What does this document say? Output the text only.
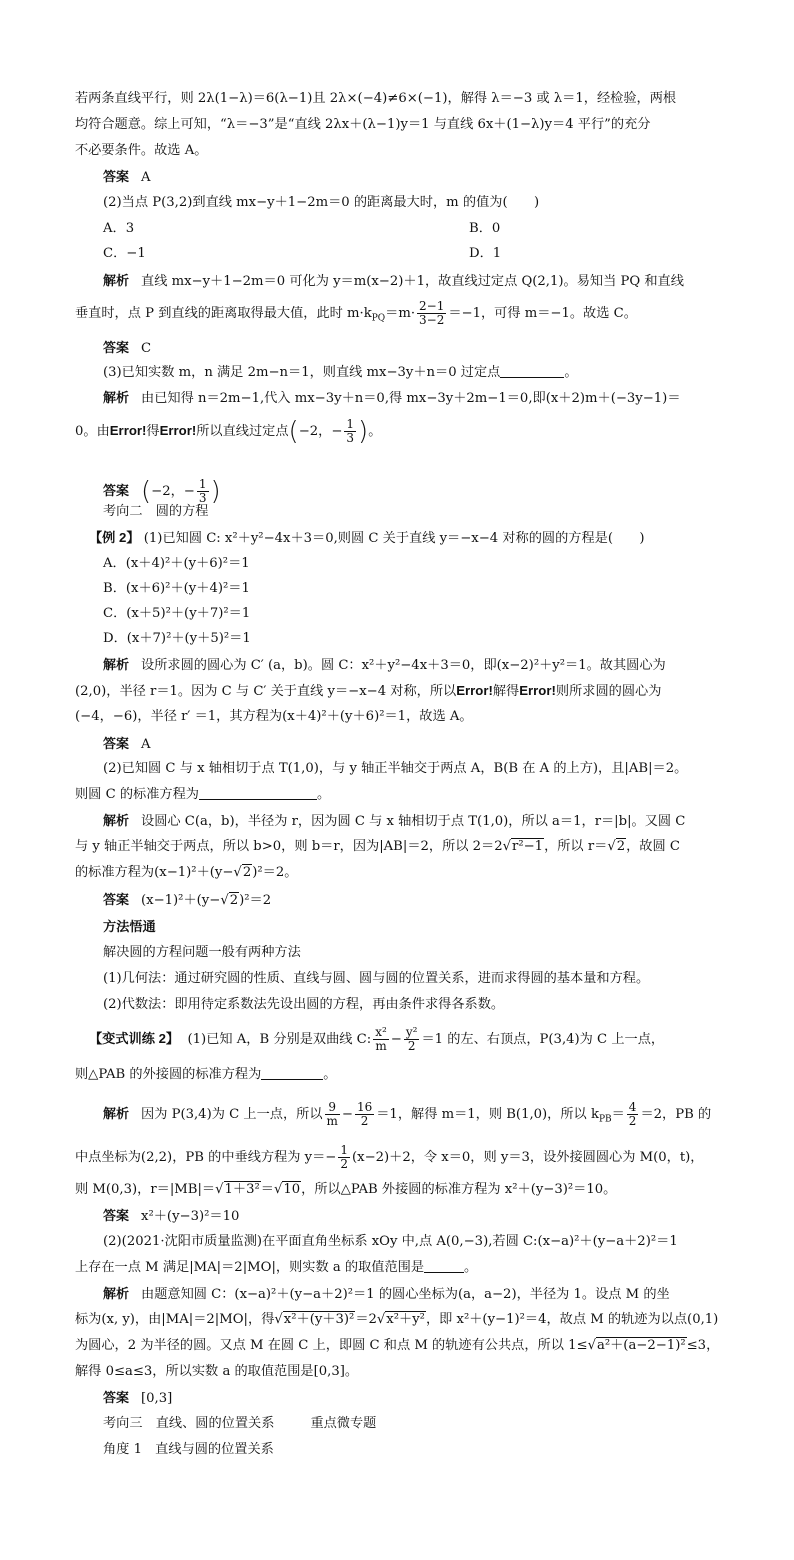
若两条直线平行，则 2λ(1−λ)＝6(λ−1)且 2λ×(−4)≠6×(−1)，解得 λ＝−3 或 λ＝1，经检验，两根
均符合题意。综上可知，“λ＝−3”是“直线 2λx＋(λ−1)y＝1 与直线 6x＋(1−λ)y＝4 平行”的充分
不必要条件。故选 A。
答案 A
(2)当点 P(3,2)到直线 mx−y＋1−2m＝0 的距离最大时，m 的值为(　　)
A．3	B．0
C．−1	D．1
解析 直线 mx−y＋1−2m＝0 可化为 y＝m(x−2)＋1，故直线过定点 Q(2,1)。易知当 PQ 和直线
垂直时，点 P 到直线的距离取得最大值，此时 $m\cdot k_{PQ}=m\cdot \frac{2-1}{3-2} =-1$，可得 m＝−1。故选 C。
答案 C
(3)已知实数 m，n 满足 2m−n＝1，则直线 mx−3y＋n＝0 过定点	。
解析 由已知得 n＝2m−1,代入 mx−3y＋n＝0,得 mx−3y＋2m−1＝0,即(x＋2)m＋(−3y−1)＝
0。由Error!得Error!所以直线过定点(−2，− $\frac{1}{3}$ )。
答案 (−2，− $\frac{1}{3}$ )
考向二　圆的方程
【例 2】 (1)已知圆 C: x²＋y²−4x＋3＝0,则圆 C 关于直线 y＝−x−4 对称的圆的方程是(　　)
A．(x＋4)²＋(y＋6)²＝1
B．(x＋6)²＋(y＋4)²＝1
C．(x＋5)²＋(y＋7)²＝1
D．(x＋7)²＋(y＋5)²＝1
解析 设所求圆的圆心为 C′ (a，b)。圆 C：x²＋y²−4x＋3＝0，即(x−2)²＋y²＝1。故其圆心为
(2,0)，半径 r＝1。因为 C 与 C′ 关于直线 y＝−x−4 对称，所以Error!解得Error!则所求圆的圆心为
(−4，−6)，半径 r′ ＝1，其方程为(x＋4)²＋(y＋6)²＝1，故选 A。
答案 A
(2)已知圆 C 与 x 轴相切于点 T(1,0)，与 y 轴正半轴交于两点 A，B(B 在 A 的上方)，且|AB|＝2。
则圆 C 的标准方程为	。
解析 设圆心 C(a，b)，半径为 r，因为圆 C 与 x 轴相切于点 T(1,0)，所以 a＝1，r＝|b|。又圆 C
与 y 轴正半轴交于两点，所以 b>0，则 b＝r，因为|AB|＝2，所以 2＝2√r²−1，所以 r＝√2，故圆 C
的标准方程为(x−1)²＋(y−√2)²＝2。
答案 (x−1)²＋(y−√2)²＝2
方法悟通
解决圆的方程问题一般有两种方法
(1)几何法：通过研究圆的性质、直线与圆、圆与圆的位置关系，进而求得圆的基本量和方程。
(2)代数法：即用待定系数法先设出圆的方程，再由条件求得各系数。
【变式训练 2】 (1)已知 A，B 分别是双曲线 C: $\frac{\text{x²}}{m} - \frac{\text{y²}}{2} =1$ 的左、右顶点，P(3,4)为 C 上一点，
则△PAB 的外接圆的标准方程为	。
解析 因为 P(3,4)为 C 上一点，所以 $\frac{9}{m} - \frac{16}{2} =1$，解得 m＝1，则 B(1,0)，所以 $k_{PB}= \frac{4}{2} =2$，PB 的
中点坐标为(2,2)，PB 的中垂线方程为 $y=- \frac{1}{2} (x-2)+2$，令 x＝0，则 y＝3，设外接圆圆心为 M(0，t)，
则 M(0,3)，r＝|MB|＝√1＋3²＝√10，所以△PAB 外接圆的标准方程为 x²＋(y−3)²＝10。
答案 x²＋(y−3)²＝10
(2)(2021·沈阳市质量监测)在平面直角坐标系 xOy 中,点 A(0,−3),若圆 C:(x−a)²＋(y−a＋2)²＝1
上存在一点 M 满足|MA|＝2|MO|，则实数 a 的取值范围是	。
解析 由题意知圆 C：(x−a)²＋(y−a＋2)²＝1 的圆心坐标为(a，a−2)，半径为 1。设点 M 的坐
标为(x, y)，由|MA|＝2|MO|，得√x²＋(y＋3)²＝2√x²＋y²，即 x²＋(y−1)²＝4，故点 M 的轨迹为以点(0,1)
为圆心，2 为半径的圆。又点 M 在圆 C 上，即圆 C 和点 M 的轨迹有公共点，所以 1≤√a²＋(a−2−1)²≤3，
解得 0≤a≤3，所以实数 a 的取值范围是[0,3]。
答案 [0,3]
考向三　直线、圆的位置关系	重点微专题
角度 1　直线与圆的位置关系
